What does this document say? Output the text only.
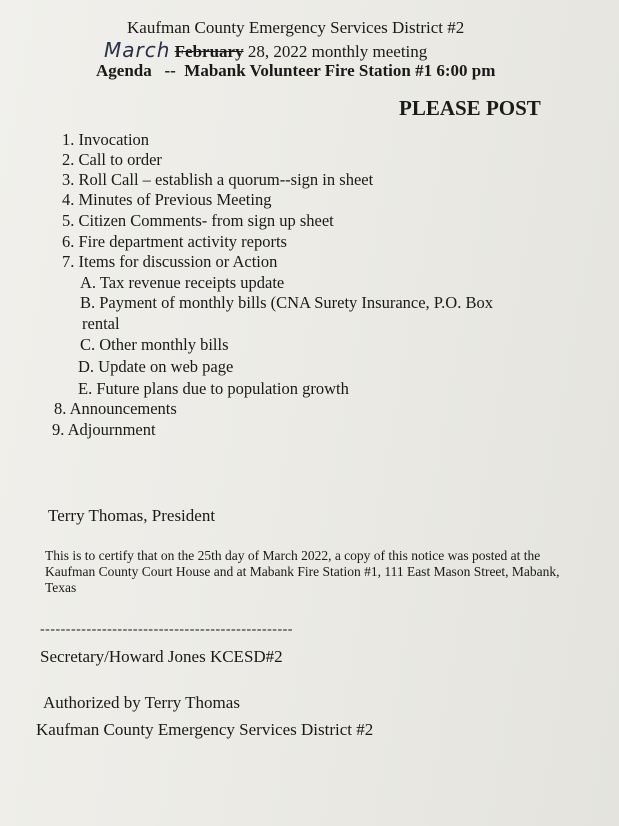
Kaufman County Emergency Services District #2
March February 28, 2022 monthly meeting
Agenda   --  Mabank Volunteer Fire Station #1 6:00 pm
PLEASE POST
1. Invocation
2. Call to order
3. Roll Call – establish a quorum--sign in sheet
4. Minutes of Previous Meeting
5. Citizen Comments- from sign up sheet
6. Fire department activity reports
7. Items for discussion or Action
A. Tax revenue receipts update
B. Payment of monthly bills (CNA Surety Insurance, P.O. Box
rental
C. Other monthly bills
D. Update on web page
E. Future plans due to population growth
8. Announcements
9. Adjournment
Terry Thomas, President
This is to certify that on the 25th day of March 2022, a copy of this notice was posted at the Kaufman County Court House and at Mabank Fire Station #1, 111 East Mason Street, Mabank, Texas
-------------------------------------------------
Secretary/Howard Jones KCESD#2
Authorized by Terry Thomas
Kaufman County Emergency Services District #2
